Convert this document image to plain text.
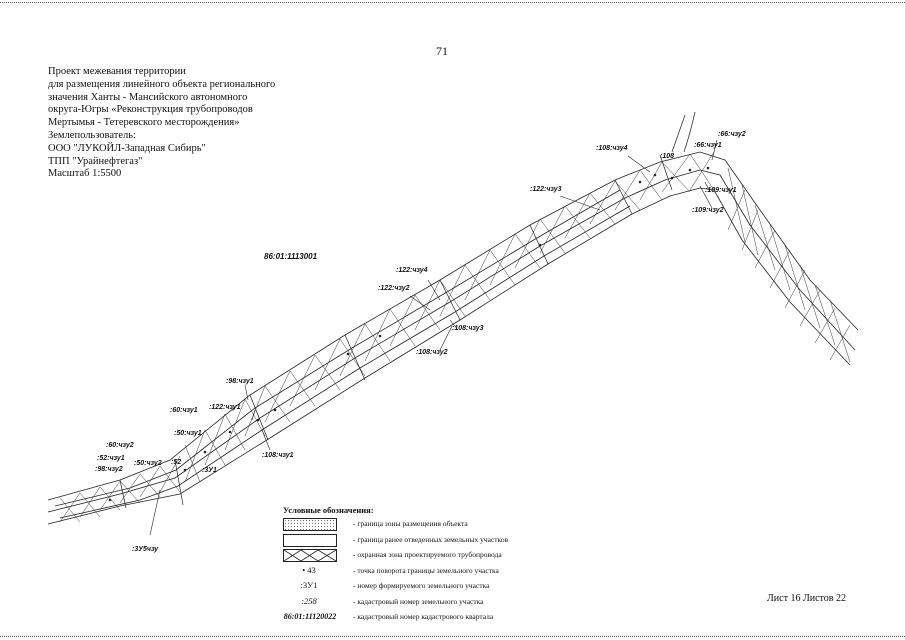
71
Проект межевания территории
для размещения линейного объекта регионального
значения Ханты - Мансийского автономного
округа-Югры «Реконструкция трубопроводов
Мертымья - Тетеревского месторождения»
Землепользователь:
ООО "ЛУКОЙЛ-Западная Сибирь"
ТПП "Урайнефтегаз"
Масштаб 1:5500
86:01:1113001
:66:чзу2
:66:чзу1
:108:чзу4
:108
:109:чзу1
:109:чзу2
:122:чзу3
:122:чзу4
:122:чзу2
:108:чзу3
:108:чзу2
:98:чзу1
:60:чзу1 :122:чзу1
:50:чзу1
:108:чзу1
:60:чзу2
:52:чзу1
:98:чзу2
:50:чзу2 :52
:3У1
:3У5чзу
Условные обозначения:
- граница зоны размещения объекта
- граница ранее отведенных земельных участков
- охранная зона проектируемого трубопровода
• 43	- точка поворота границы земельного участка
:3У1	- номер формируемого земельного участка
:258	- кадастровый номер земельного участка
86:01:11120022	- кадастровый номер кадастрового квартала
Лист 16 Листов 22
